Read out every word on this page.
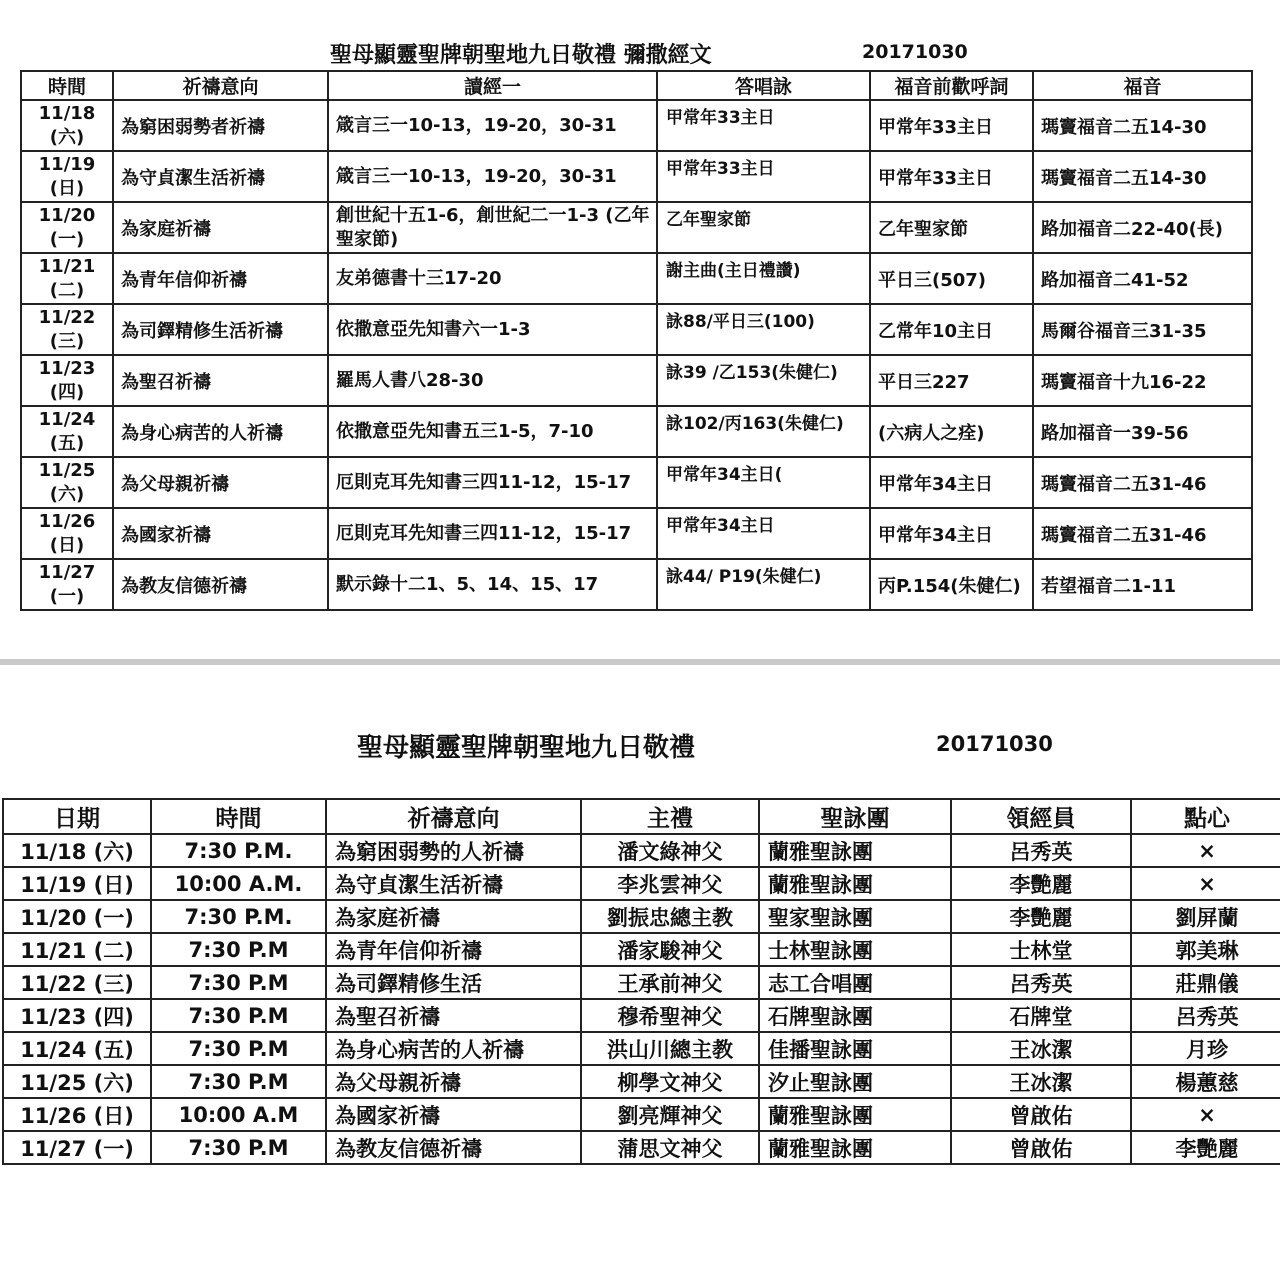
聖母顯靈聖牌朝聖地九日敬禮 彌撒經文	20171030
時間	祈禱意向	讀經一	答唱詠	福音前歡呼詞	福音

11/18
(六)	為窮困弱勢者祈禱	箴言三一10-13，19-20，30-31	甲常年33主日	甲常年33主日	瑪竇福音二五14-30

11/19
(日)	為守貞潔生活祈禱	箴言三一10-13，19-20，30-31	甲常年33主日	甲常年33主日	瑪竇福音二五14-30

11/20
(一)	為家庭祈禱	創世紀十五1-6，創世紀二一1-3 (乙年聖家節)	乙年聖家節	乙年聖家節	路加福音二22-40(長)

11/21
(二)	為青年信仰祈禱	友弟德書十三17-20	謝主曲(主日禮讚)	平日三(507)	路加福音二41-52

11/22
(三)	為司鐸精修生活祈禱	依撒意亞先知書六一1-3	詠88/平日三(100)	乙常年10主日	馬爾谷福音三31-35

11/23
(四)	為聖召祈禱	羅馬人書八28-30	詠39 /乙153(朱健仁)	平日三227	瑪竇福音十九16-22

11/24
(五)	為身心病苦的人祈禱	依撒意亞先知書五三1-5，7-10	詠102/丙163(朱健仁)	(六病人之痊)	路加福音一39-56

11/25
(六)	為父母親祈禱	厄則克耳先知書三四11-12，15-17	甲常年34主日(	甲常年34主日	瑪竇福音二五31-46

11/26
(日)	為國家祈禱	厄則克耳先知書三四11-12，15-17	甲常年34主日	甲常年34主日	瑪竇福音二五31-46

11/27
(一)	為教友信德祈禱	默示錄十二1、5、14、15、17	詠44/ P19(朱健仁)	丙P.154(朱健仁)	若望福音二1-11
聖母顯靈聖牌朝聖地九日敬禮	20171030
日期	時間	祈禱意向	主禮	聖詠團	領經員	點心
11/18 (六)	7:30 P.M.	為窮困弱勢的人祈禱	潘文綠神父	蘭雅聖詠團	呂秀英	×
11/19 (日)	10:00 A.M.	為守貞潔生活祈禱	李兆雲神父	蘭雅聖詠團	李艷麗	×
11/20 (一)	7:30 P.M.	為家庭祈禱	劉振忠總主教	聖家聖詠團	李艷麗	劉屏蘭
11/21 (二)	7:30 P.M	為青年信仰祈禱	潘家駿神父	士林聖詠團	士林堂	郭美琳
11/22 (三)	7:30 P.M	為司鐸精修生活	王承前神父	志工合唱團	呂秀英	莊鼎儀
11/23 (四)	7:30 P.M	為聖召祈禱	穆希聖神父	石牌聖詠團	石牌堂	呂秀英
11/24 (五)	7:30 P.M	為身心病苦的人祈禱	洪山川總主教	佳播聖詠團	王冰潔	月珍
11/25 (六)	7:30 P.M	為父母親祈禱	柳學文神父	汐止聖詠團	王冰潔	楊蕙慈
11/26 (日)	10:00 A.M	為國家祈禱	劉亮輝神父	蘭雅聖詠團	曾啟佑	×
11/27 (一)	7:30 P.M	為教友信德祈禱	蒲思文神父	蘭雅聖詠團	曾啟佑	李艷麗
